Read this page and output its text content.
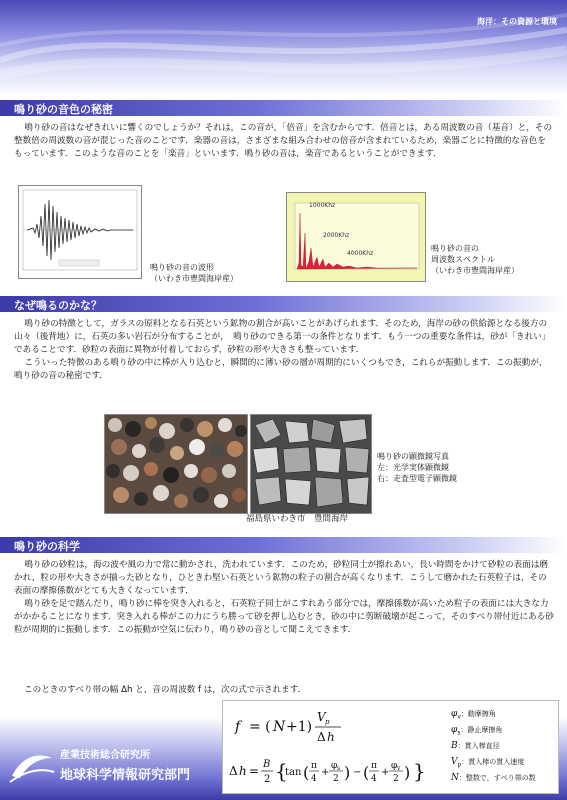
海洋：その資源と環境
鳴り砂の音色の秘密

鳴り砂の音はなぜきれいに響くのでしょうか？それは，この音が，「倍音」を含むからです．倍音とは，ある周波数の音（基音）と，その整数倍の周波数の音が混じった音のことです．楽器の音は，さまざまな組み合わせの倍音が含まれているため，楽器ごとに特徴的な音色をもっています．このような音のことを「楽音」といいます．鳴り砂の音は，楽音であるということができます．

鳴り砂の音の波形
（いわき市豊間海岸産）
1000Khz
2000Khz
4000Khz
鳴り砂の音の
周波数スペクトル
（いわき市豊間海岸産）
なぜ鳴るのかな？

鳴り砂の特徴として，ガラスの原料となる石英という鉱物の割合が高いことがあげられます．そのため，海岸の砂の供給源となる後方の山々（後背地）に，石英の多い岩石が分布することが，　鳴り砂のできる第一の条件となります．もう一つの重要な条件は，砂が「きれい」であることです．砂粒の表面に異物が付着しておらず，砂粒の形や大きさも整っています．

こういった特徴のある鳴り砂の中に棒が入り込むと，瞬間的に薄い砂の層が周期的にいくつもでき，これらが振動します．この振動が，鳴り砂の音の秘密です．

福島県いわき市　豊間海岸
鳴り砂の顕微鏡写真
左：光学実体顕微鏡
右：走査型電子顕微鏡
鳴り砂の科学

鳴り砂の砂粒は，海の波や風の力で常に動かされ，洗われています．このため，砂粒同士が擦れあい，長い時間をかけて砂粒の表面は磨かれ，粒の形や大きさが揃った砂となり，ひときわ堅い石英という鉱物の粒子の割合が高くなります．こうして磨かれた石英粒子は，その表面の摩擦係数がとても大きくなっています．

鳴り砂を足で踏んだり，鳴り砂に棒を突き入れると，石英粒子同士がこすれあう部分では，摩擦係数が高いため粒子の表面には大きな力がかかることになります．突き入れる棒がこの力にうち勝って砂を押し込むとき，砂の中に剪断破壊が起こって，そのすべり帯付近にある砂粒が周期的に振動します．この振動が空気に伝わり，鳴り砂の音として聞こえてきます．

このときのすべり帯の幅 Δh と，音の周波数 f は，次の式で示されます．

産業技術総合研究所
地球科学情報研究部門
f = ( N +1)
V p
Δ h
Δ h = B
2 {
tan ( π
4
+
φ s
2 ) − ( π
4
+
φ v
2 ) }
$\varphi_v$：動摩擦角
$\varphi_s$：静止摩擦角
B：貫入棒直径
$V_p$：貫入棒の貫入速度
N：整数で，すべり帯の数
